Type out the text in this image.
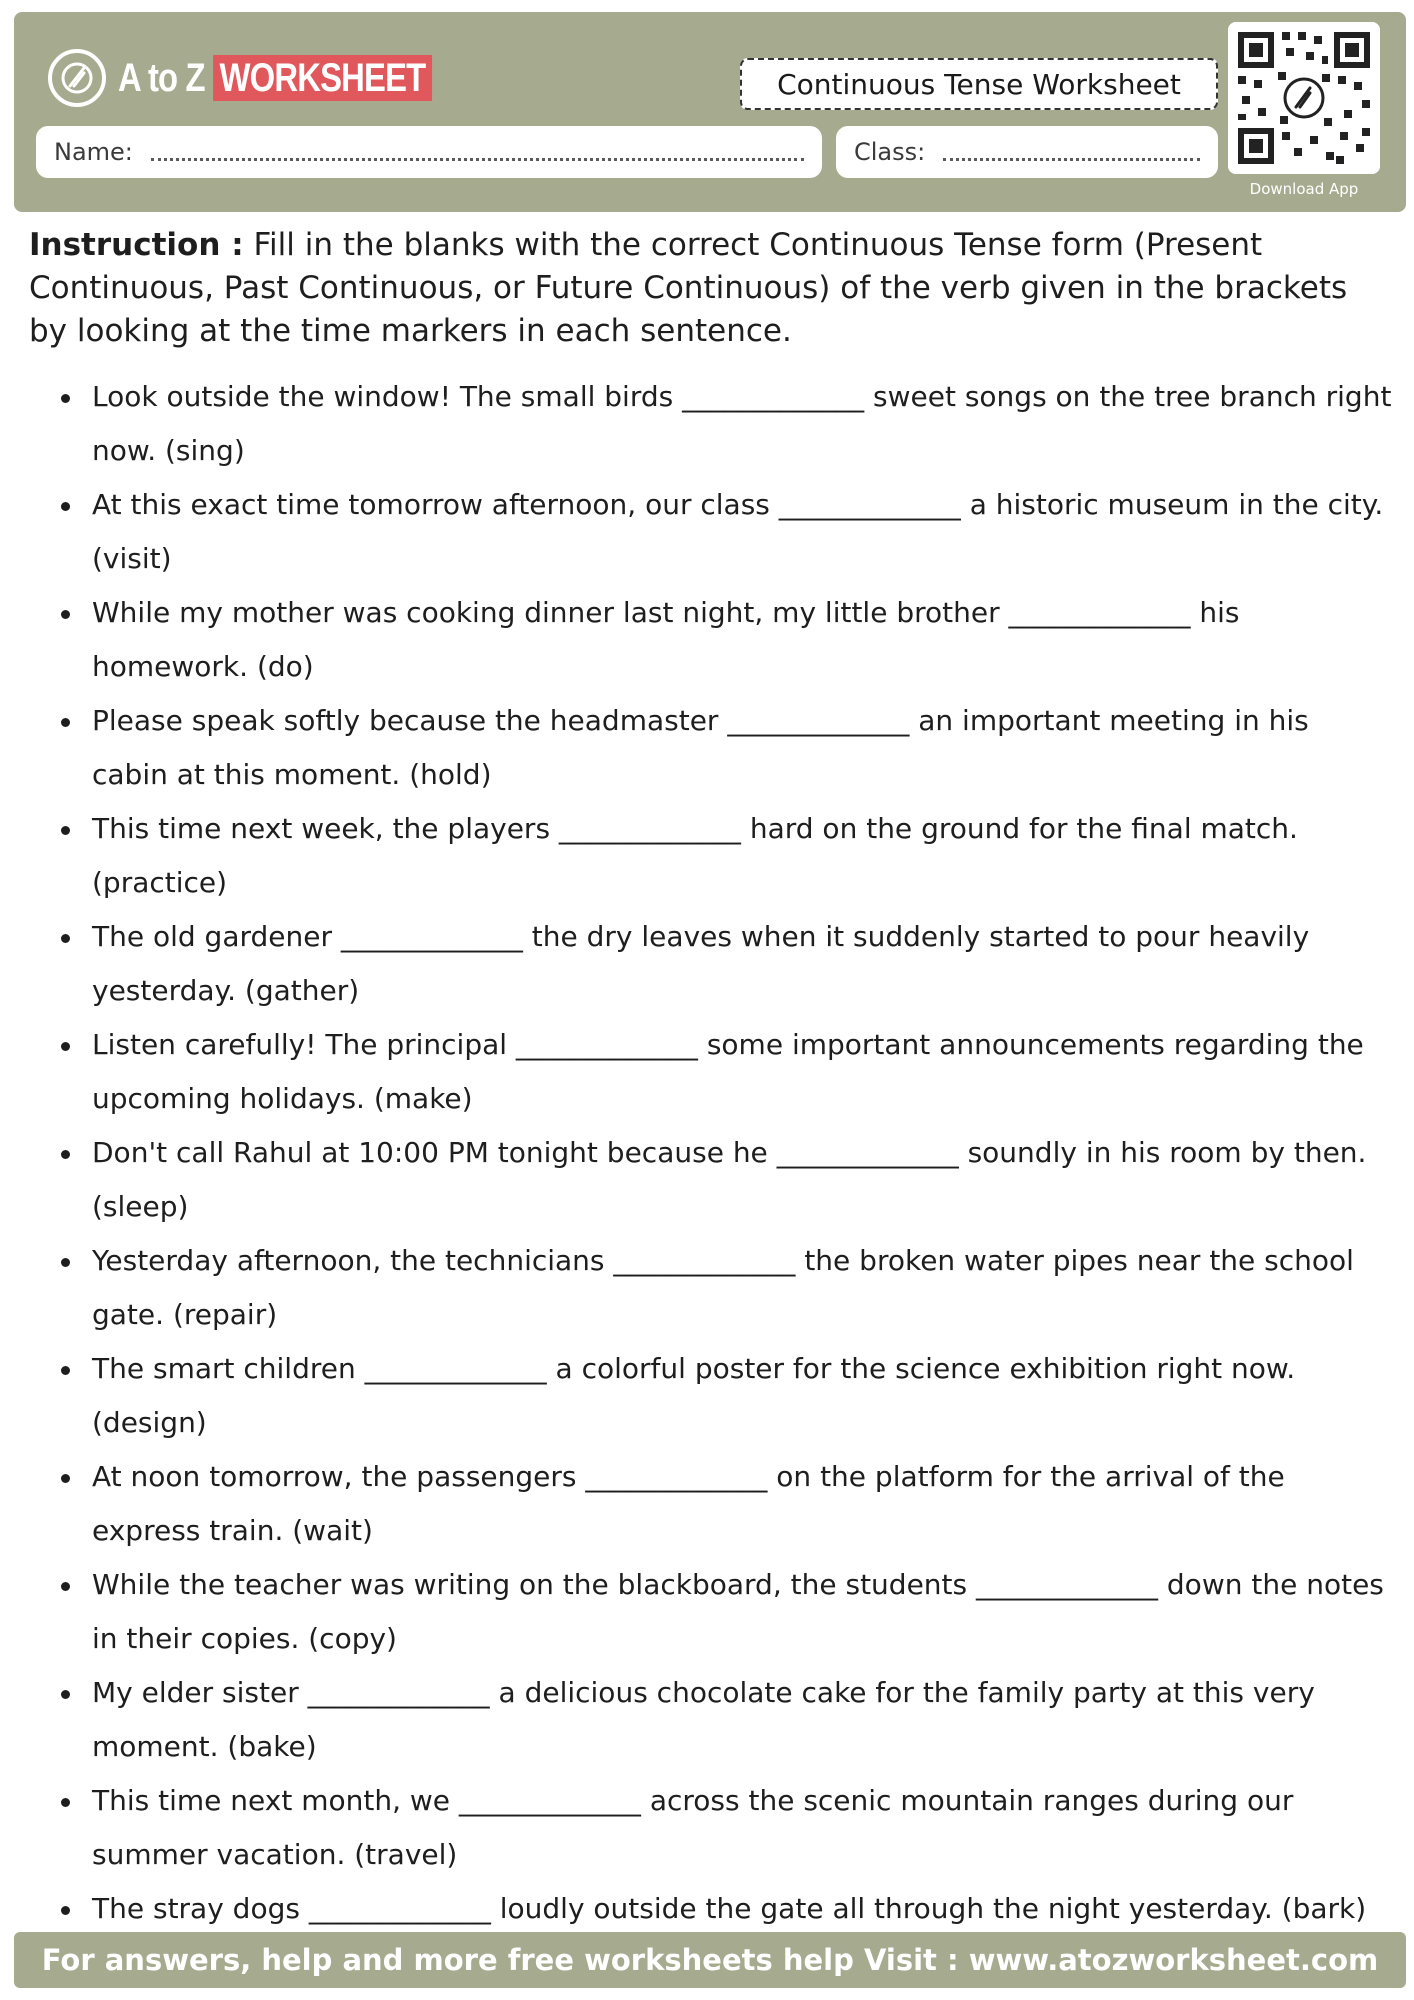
A to Z WORKSHEET	Continuous Tense Worksheet
Name:	Class:
Download App
Instruction : Fill in the blanks with the correct Continuous Tense form (Present Continuous, Past Continuous, or Future Continuous) of the verb given in the brackets by looking at the time markers in each sentence.
Look outside the window! The small birds _____________ sweet songs on the tree branch right now. (sing)
At this exact time tomorrow afternoon, our class _____________ a historic museum in the city. (visit)
While my mother was cooking dinner last night, my little brother _____________ his homework. (do)
Please speak softly because the headmaster _____________ an important meeting in his cabin at this moment. (hold)
This time next week, the players _____________ hard on the ground for the final match. (practice)
The old gardener _____________ the dry leaves when it suddenly started to pour heavily yesterday. (gather)
Listen carefully! The principal _____________ some important announcements regarding the upcoming holidays. (make)
Don't call Rahul at 10:00 PM tonight because he _____________ soundly in his room by then. (sleep)
Yesterday afternoon, the technicians _____________ the broken water pipes near the school gate. (repair)
The smart children _____________ a colorful poster for the science exhibition right now. (design)
At noon tomorrow, the passengers _____________ on the platform for the arrival of the express train. (wait)
While the teacher was writing on the blackboard, the students _____________ down the notes in their copies. (copy)
My elder sister _____________ a delicious chocolate cake for the family party at this very moment. (bake)
This time next month, we _____________ across the scenic mountain ranges during our summer vacation. (travel)
The stray dogs _____________ loudly outside the gate all through the night yesterday. (bark)
For answers, help and more free worksheets help Visit : www.atozworksheet.com
